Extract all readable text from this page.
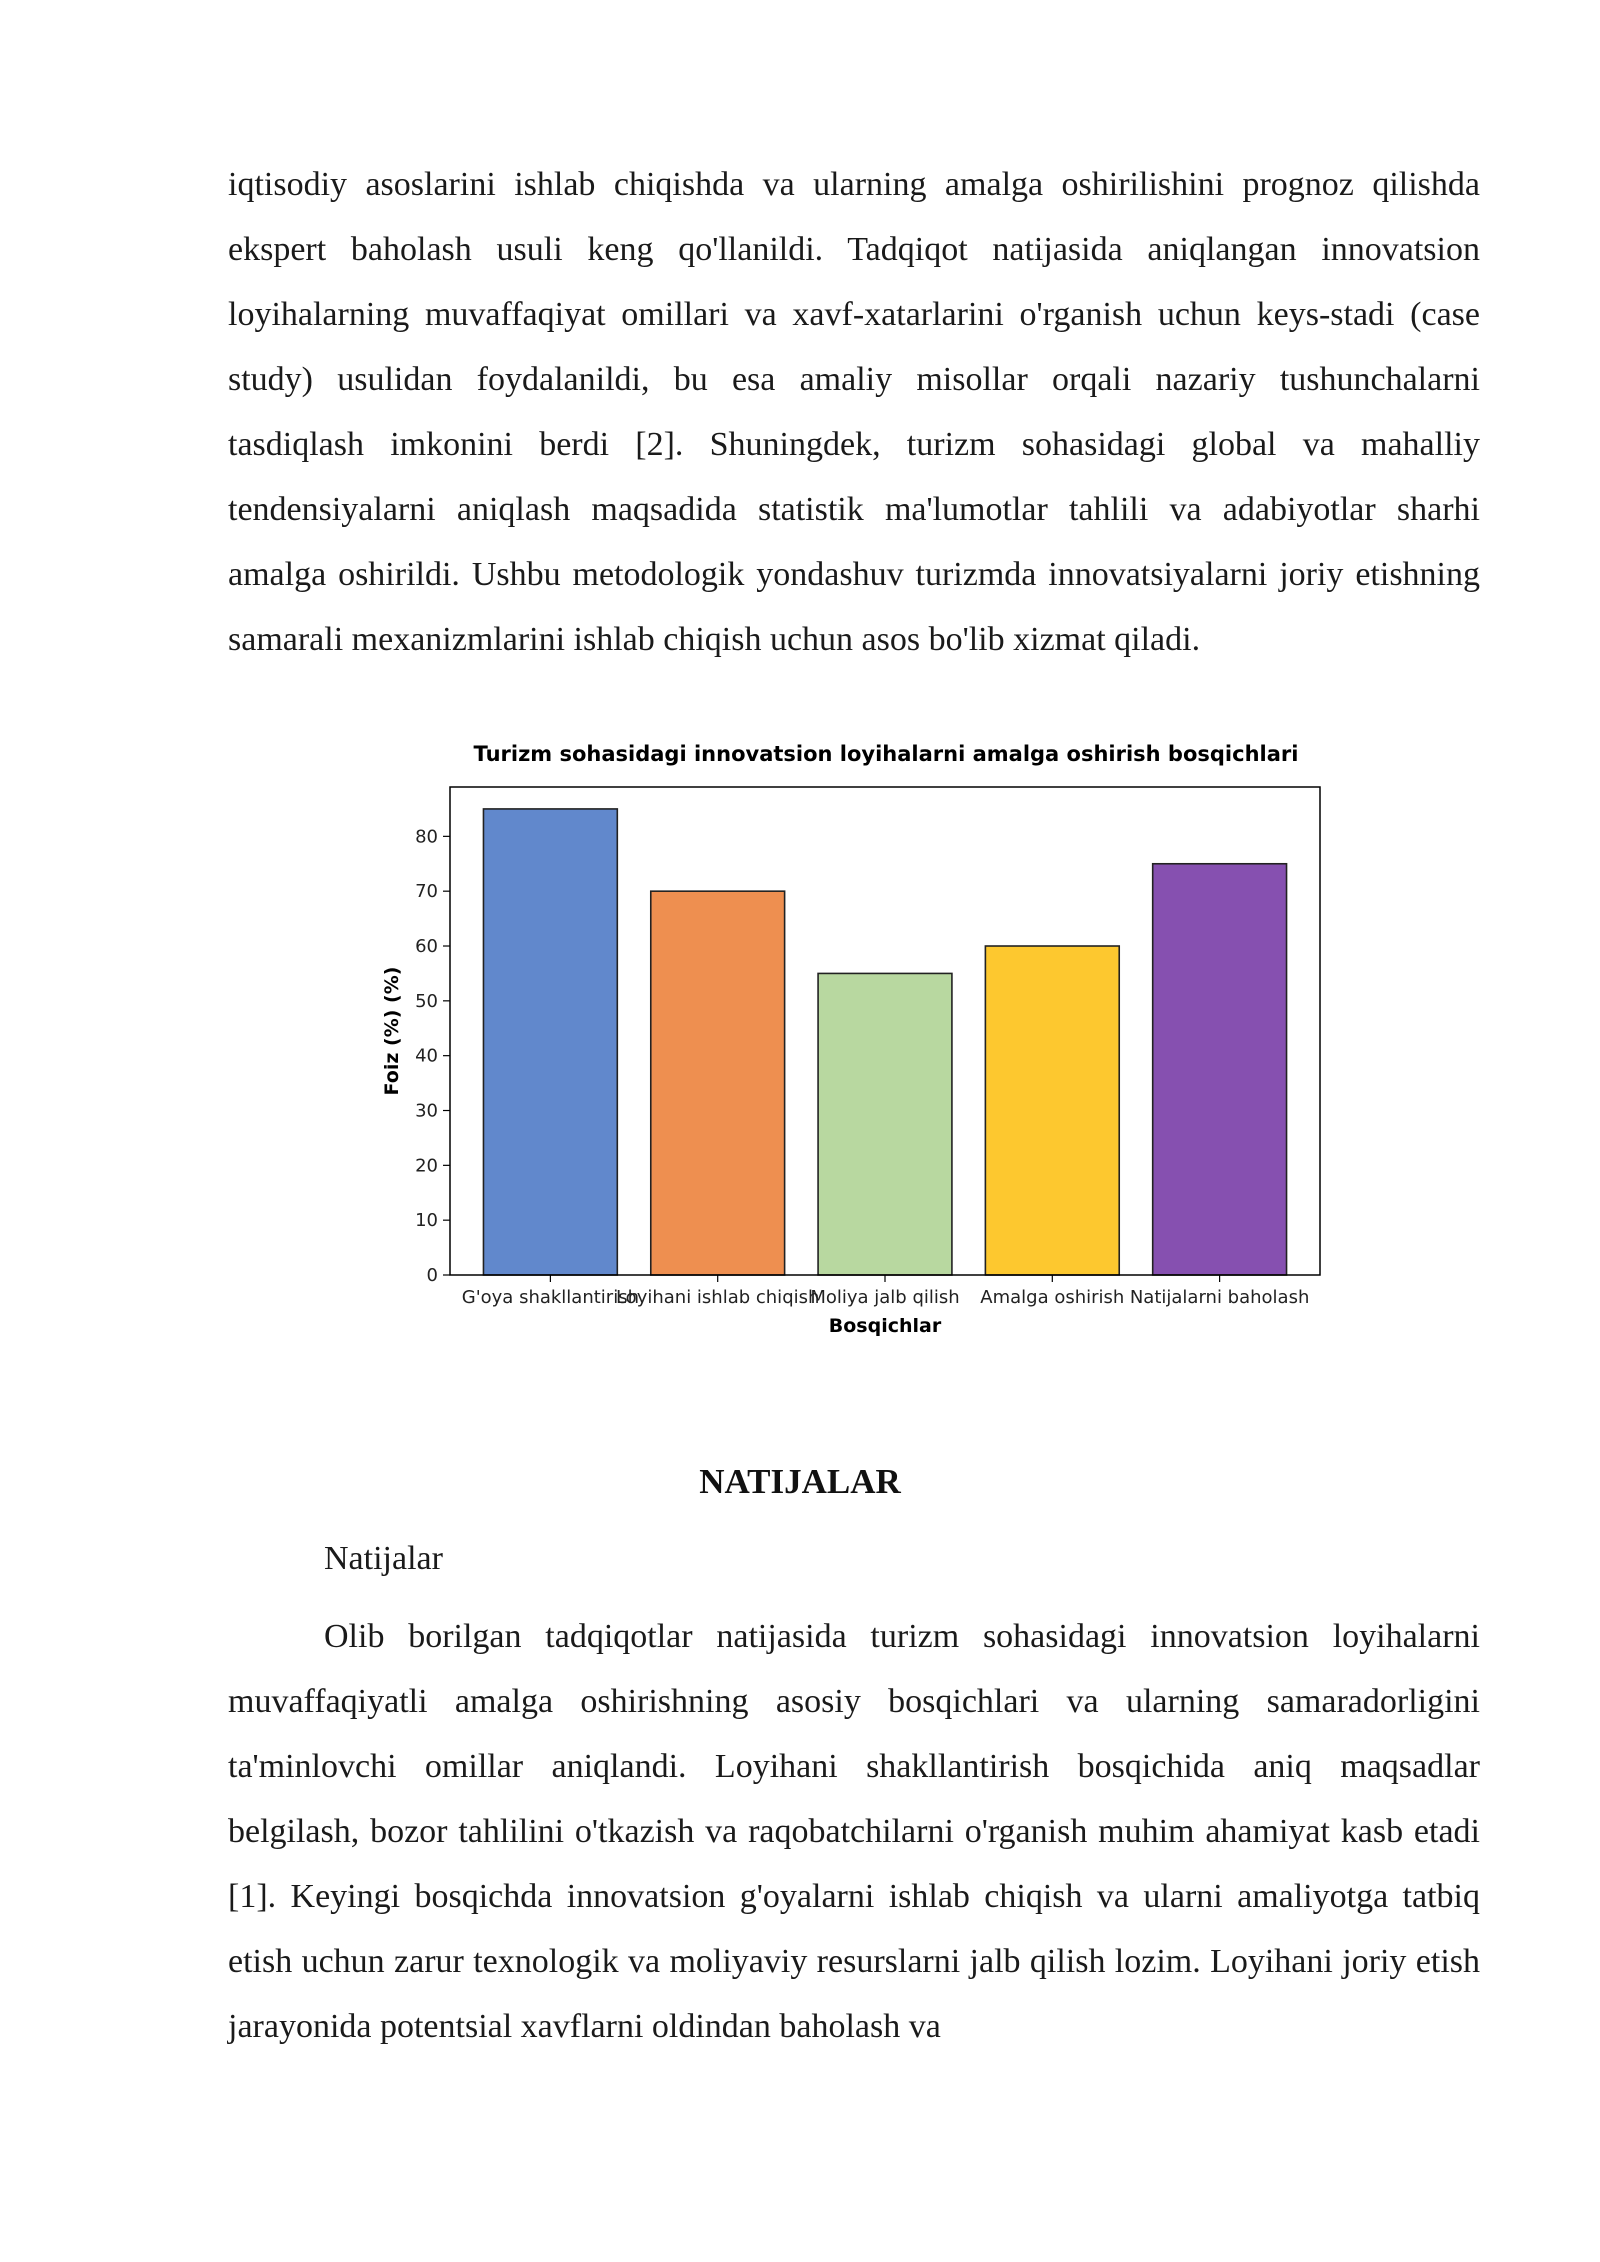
iqtisodiy asoslarini ishlab chiqishda va ularning amalga oshirilishini prognoz qilishda ekspert baholash usuli keng qo'llanildi. Tadqiqot natijasida aniqlangan innovatsion loyihalarning muvaffaqiyat omillari va xavf-xatarlarini o'rganish uchun keys-stadi (case study) usulidan foydalanildi, bu esa amaliy misollar orqali nazariy tushunchalarni tasdiqlash imkonini berdi [2]. Shuningdek, turizm sohasidagi global va mahalliy tendensiyalarni aniqlash maqsadida statistik ma'lumotlar tahlili va adabiyotlar sharhi amalga oshirildi. Ushbu metodologik yondashuv turizmda innovatsiyalarni joriy etishning samarali mexanizmlarini ishlab chiqish uchun asos bo'lib xizmat qiladi.

Turizm sohasidagi innovatsion loyihalarni amalga oshirish bosqichlari
0
10
20
30
40
50
60
70
80
G'oya shakllantirish
Loyihani ishlab chiqish
Moliya jalb qilish Amalga oshirish Natijalarni baholash
Bosqichlar
Foiz (%) (%)
NATIJALAR

Natijalar

Olib borilgan tadqiqotlar natijasida turizm sohasidagi innovatsion loyihalarni muvaffaqiyatli amalga oshirishning asosiy bosqichlari va ularning samaradorligini ta'minlovchi omillar aniqlandi. Loyihani shakllantirish bosqichida aniq maqsadlar belgilash, bozor tahlilini o'tkazish va raqobatchilarni o'rganish muhim ahamiyat kasb etadi [1]. Keyingi bosqichda innovatsion g'oyalarni ishlab chiqish va ularni amaliyotga tatbiq etish uchun zarur texnologik va moliyaviy resurslarni jalb qilish lozim. Loyihani joriy etish jarayonida potentsial xavflarni oldindan baholash va
